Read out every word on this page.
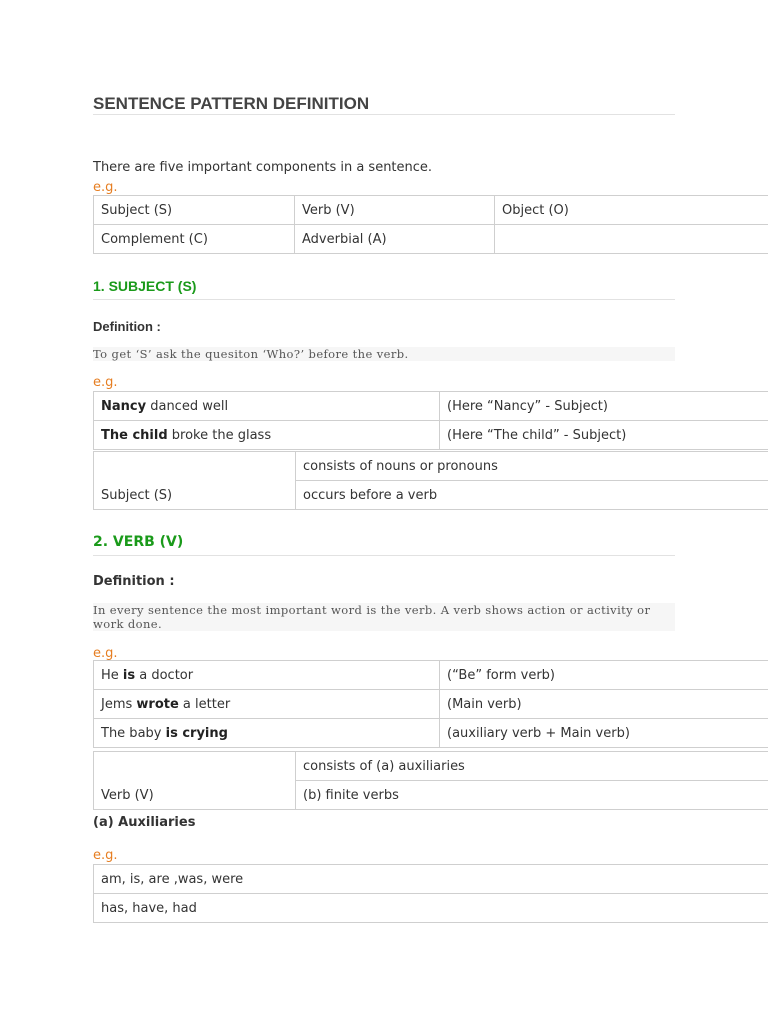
SENTENCE PATTERN DEFINITION

There are five important components in a sentence.

e.g.

Subject (S)	Verb (V)	Object (O)
Complement (C)	Adverbial (A)	
1. SUBJECT (S)

Definition :

To get ‘S’ ask the quesiton ‘Who?’ before the verb.

e.g.

Nancy danced well	(Here “Nancy” - Subject)
The child broke the glass	(Here “The child” - Subject)
Subject (S)	consists of nouns or pronouns
occurs before a verb
2. VERB (V)

Definition :

In every sentence the most important word is the verb. A verb shows action or activity or work done.

e.g.

He is a doctor	(“Be” form verb)
Jems wrote a letter	(Main verb)
The baby is crying	(auxiliary verb + Main verb)
Verb (V)	consists of (a) auxiliaries
(b) finite verbs

(a) Auxiliaries

e.g.

am, is, are ,was, were
has, have, had
